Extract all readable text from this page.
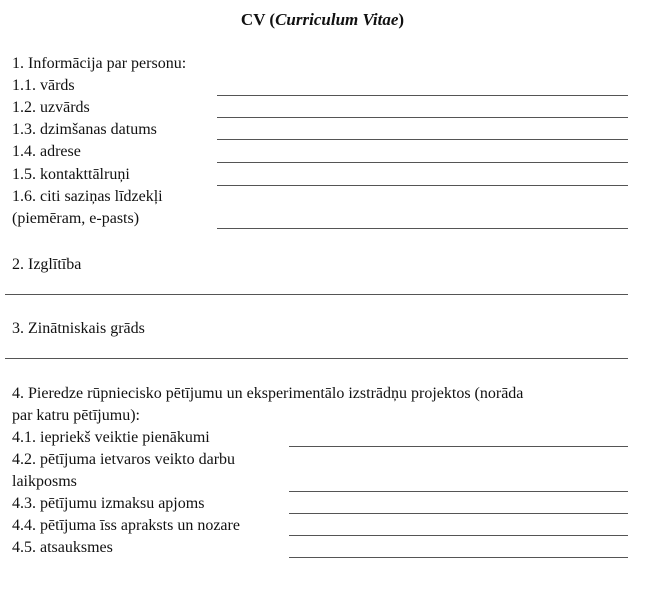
CV (Curriculum Vitae)
1. Informācija par personu:
1.1. vārds
1.2. uzvārds
1.3. dzimšanas datums
1.4. adrese
1.5. kontakttālruņi
1.6. citi saziņas līdzekļi
(piemēram, e-pasts)
2. Izglītība
3. Zinātniskais grāds
4. Pieredze rūpniecisko pētījumu un eksperimentālo izstrādņu projektos (norāda
par katru pētījumu):
4.1. iepriekš veiktie pienākumi
4.2. pētījuma ietvaros veikto darbu
laikposms
4.3. pētījumu izmaksu apjoms
4.4. pētījuma īss apraksts un nozare
4.5. atsauksmes
